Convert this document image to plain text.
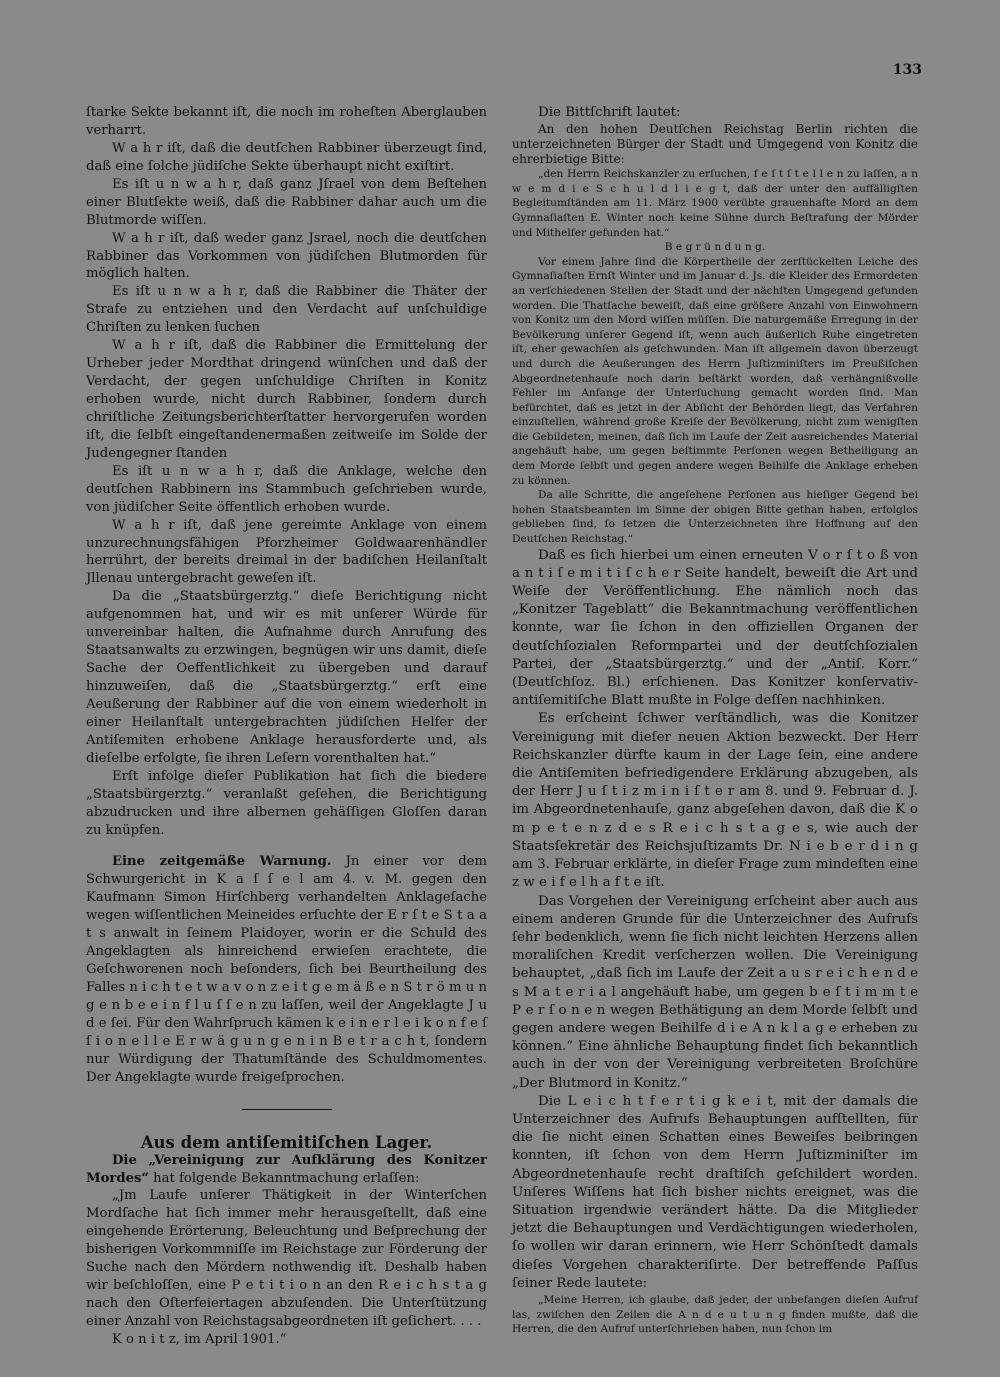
133

ſtarke Sekte bekannt iſt, die noch im roheſten Aberglauben verharrt.

W a h r iſt, daß die deutſchen Rabbiner überzeugt ſind, daß eine ſolche jüdiſche Sekte überhaupt nicht exiſtirt.

Es iſt u n w a h r, daß ganz Jſrael von dem Beſtehen einer Blutſekte weiß, daß die Rabbiner dahar auch um die Blutmorde wiſſen.

W a h r iſt, daß weder ganz Jsrael, noch die deutſchen Rabbiner das Vorkommen von jüdiſchen Blutmorden für möglich halten.

Es iſt u n w a h r, daß die Rabbiner die Thäter der Strafe zu entziehen und den Verdacht auf unſchuldige Chriſten zu lenken ſuchen

W a h r iſt, daß die Rabbiner die Ermittelung der Urheber jeder Mordthat dringend wünſchen und daß der Verdacht, der gegen unſchuldige Chriſten in Konitz erhoben wurde, nicht durch Rabbiner, ſondern durch chriſtliche Zeitungsberichterſtatter hervorgerufen worden iſt, die ſelbſt eingeſtandenermaßen zeitweiſe im Solde der Judengegner ſtanden

Es iſt u n w a h r, daß die Anklage, welche den deutſchen Rabbinern ins Stammbuch geſchrieben wurde, von jüdiſcher Seite öffentlich erhoben wurde.

W a h r iſt, daß jene gereimte Anklage von einem unzurechnungsfähigen Pforzheimer Goldwaarenhändler herrührt, der bereits dreimal in der badiſchen Heilanſtalt Jllenau untergebracht geweſen iſt.

Da die „Staatsbürgerztg.“ dieſe Berichtigung nicht aufgenommen hat, und wir es mit unſerer Würde für unvereinbar halten, die Aufnahme durch Anrufung des Staatsanwalts zu erzwingen, begnügen wir uns damit, dieſe Sache der Oeffentlichkeit zu übergeben und darauf hinzuweiſen, daß die „Staatsbürgerztg.“ erſt eine Aeußerung der Rabbiner auf die von einem wiederholt in einer Heilanſtalt untergebrachten jüdiſchen Helfer der Antiſemiten erhobene Anklage herausforderte und, als dieſelbe erfolgte, ſie ihren Leſern vorenthalten hat.“

Erſt infolge dieſer Publikation hat ſich die biedere „Staatsbürgerztg.“ veranlaßt geſehen, die Berichtigung abzudrucken und ihre albernen gehäſſigen Gloſſen daran zu knüpfen.

Eine zeitgemäße Warnung. Jn einer vor dem Schwurgericht in K a ſ ſ e l am 4. v. M. gegen den Kaufmann Simon Hirſchberg verhandelten Anklageſache wegen wiſſentlichen Meineides erſuchte der E r ſ t e S t a a t s anwalt in ſeinem Plaidoyer, worin er die Schuld des Angeklagten als hinreichend erwieſen erachtete, die Geſchworenen noch beſonders, ſich bei Beurtheilung des Falles n i c h t e t w a v o n z e i t g e m ä ß e n S t r ö m u n g e n b e e i n f l u ſ ſ e n zu laſſen, weil der Angeklagte J u d e ſei. Für den Wahrſpruch kämen k e i n e r l e i k o n f e ſ ſ i o n e l l e E r w ä g u n g e n i n B e t r a c h t, ſondern nur Würdigung der Thatumſtände des Schuldmomentes. Der Angeklagte wurde freigeſprochen.

Aus dem antiſemitiſchen Lager.

Die „Vereinigung zur Aufklärung des Konitzer Mordes“ hat folgende Bekanntmachung erlaſſen:

„Jm Laufe unſerer Thätigkeit in der Winterſchen Mordſache hat ſich immer mehr herausgeſtellt, daß eine eingehende Erörterung, Beleuchtung und Beſprechung der bisherigen Vorkommniſſe im Reichstage zur Förderung der Suche nach den Mördern nothwendig iſt. Deshalb haben wir beſchloſſen, eine P e t i t i o n an den R e i c h s t a g nach den Oſterfeiertagen abzuſenden. Die Unterſtützung einer Anzahl von Reichstagsabgeordneten iſt geſichert. . . .

K o n i t z, im April 1901.“

Die Bittſchrift lautet:

An den hohen Deutſchen Reichstag Berlin richten die unterzeichneten Bürger der Stadt und Umgegend von Konitz die ehrerbietige Bitte:

„den Herrn Reichskanzler zu erſuchen, f e ſ t ſ t e l l e n zu laſſen, a n w e m d i e S c h u l d l i e g t, daß der unter den auffälligſten Begleitumſtänden am 11. März 1900 verübte grauenhafte Mord an dem Gymnaſiaſten E. Winter noch keine Sühne durch Beſtrafung der Mörder und Mithelfer gefunden hat.“

B e g r ü n d u n g.

Vor einem Jahre ſind die Körpertheile der zerſtückelten Leiche des Gymnaſiaſten Ernſt Winter und im Januar d. Js. die Kleider des Ermordeten an verſchiedenen Stellen der Stadt und der nächſten Umgegend gefunden worden. Die Thatſache beweiſt, daß eine größere Anzahl von Einwohnern von Konitz um den Mord wiſſen müſſen. Die naturgemäße Erregung in der Bevölkerung unſerer Gegend iſt, wenn auch äußerlich Ruhe eingetreten iſt, eher gewachſen als geſchwunden. Man iſt allgemein davon überzeugt und durch die Aeußerungen des Herrn Juſtizminiſters im Preußiſchen Abgeordnetenhauſe noch darin beſtärkt worden, daß verhängnißvolle Fehler im Anfange der Unterſuchung gemacht worden ſind. Man befürchtet, daß es jetzt in der Abſicht der Behörden liegt, das Verfahren einzuſtellen, während große Kreiſe der Bevölkerung, nicht zum wenigſten die Gebildeten, meinen, daß ſich im Laufe der Zeit ausreichendes Material angehäuft habe, um gegen beſtimmte Perſonen wegen Betheiligung an dem Morde ſelbſt und gegen andere wegen Beihilfe die Anklage erheben zu können.

Da alle Schritte, die angeſehene Perſonen aus hieſiger Gegend bei hohen Staatsbeamten im Sinne der obigen Bitte gethan haben, erfolglos geblieben ſind, ſo ſetzen die Unterzeichneten ihre Hoffnung auf den Deutſchen Reichstag.“

Daß es ſich hierbei um einen erneuten V o r ſ t o ß von a n t i ſ e m i t i ſ c h e r Seite handelt, beweiſt die Art und Weiſe der Veröffentlichung. Ehe nämlich noch das „Konitzer Tageblatt“ die Bekanntmachung veröffentlichen konnte, war ſie ſchon in den offiziellen Organen der deutſchſozialen Reformpartei und der deutſchſozialen Partei, der „Staatsbürgerztg.“ und der „Antiſ. Korr.“ (Deutſchſoz. Bl.) erſchienen. Das Konitzer konſervativ-antiſemitiſche Blatt mußte in Folge deſſen nachhinken.

Es erſcheint ſchwer verſtändlich, was die Konitzer Vereinigung mit dieſer neuen Aktion bezweckt. Der Herr Reichskanzler dürfte kaum in der Lage ſein, eine andere die Antiſemiten befriedigendere Erklärung abzugeben, als der Herr J u ſ t i z m i n i ſ t e r am 8. und 9. Februar d. J. im Abgeordnetenhauſe, ganz abgeſehen davon, daß die K o m p e t e n z d e s R e i c h s t a g e s, wie auch der Staatsſekretär des Reichsjuſtizamts Dr. N i e b e r d i n g am 3. Februar erklärte, in dieſer Frage zum mindeſten eine z w e i f e l h a f t e iſt.

Das Vorgehen der Vereinigung erſcheint aber auch aus einem anderen Grunde für die Unterzeichner des Aufrufs ſehr bedenklich, wenn ſie ſich nicht leichten Herzens allen moraliſchen Kredit verſcherzen wollen. Die Vereinigung behauptet, „daß ſich im Laufe der Zeit a u s r e i c h e n d e s M a t e r i a l angehäuft habe, um gegen b e ſ t i m m t e P e r ſ o n e n wegen Bethätigung an dem Morde ſelbſt und gegen andere wegen Beihilfe d i e A n k l a g e erheben zu können.“ Eine ähnliche Behauptung findet ſich bekanntlich auch in der von der Vereinigung verbreiteten Broſchüre „Der Blutmord in Konitz.“

Die L e i c h t f e r t i g k e i t, mit der damals die Unterzeichner des Aufrufs Behauptungen aufſtellten, für die ſie nicht einen Schatten eines Beweiſes beibringen konnten, iſt ſchon von dem Herrn Juſtizminiſter im Abgeordnetenhauſe recht draſtiſch geſchildert worden. Unſeres Wiſſens hat ſich bisher nichts ereignet, was die Situation irgendwie verändert hätte. Da die Mitglieder jetzt die Behauptungen und Verdächtigungen wiederholen, ſo wollen wir daran erinnern, wie Herr Schönſtedt damals dieſes Vorgehen charakteriſirte. Der betreffende Paſſus ſeiner Rede lautete:

„Meine Herren, ich glaube, daß jeder, der unbefangen dieſen Aufruf las, zwiſchen den Zeilen die A n d e u t u n g finden mußte, daß die Herren, die den Aufruf unterſchrieben haben, nun ſchon im
